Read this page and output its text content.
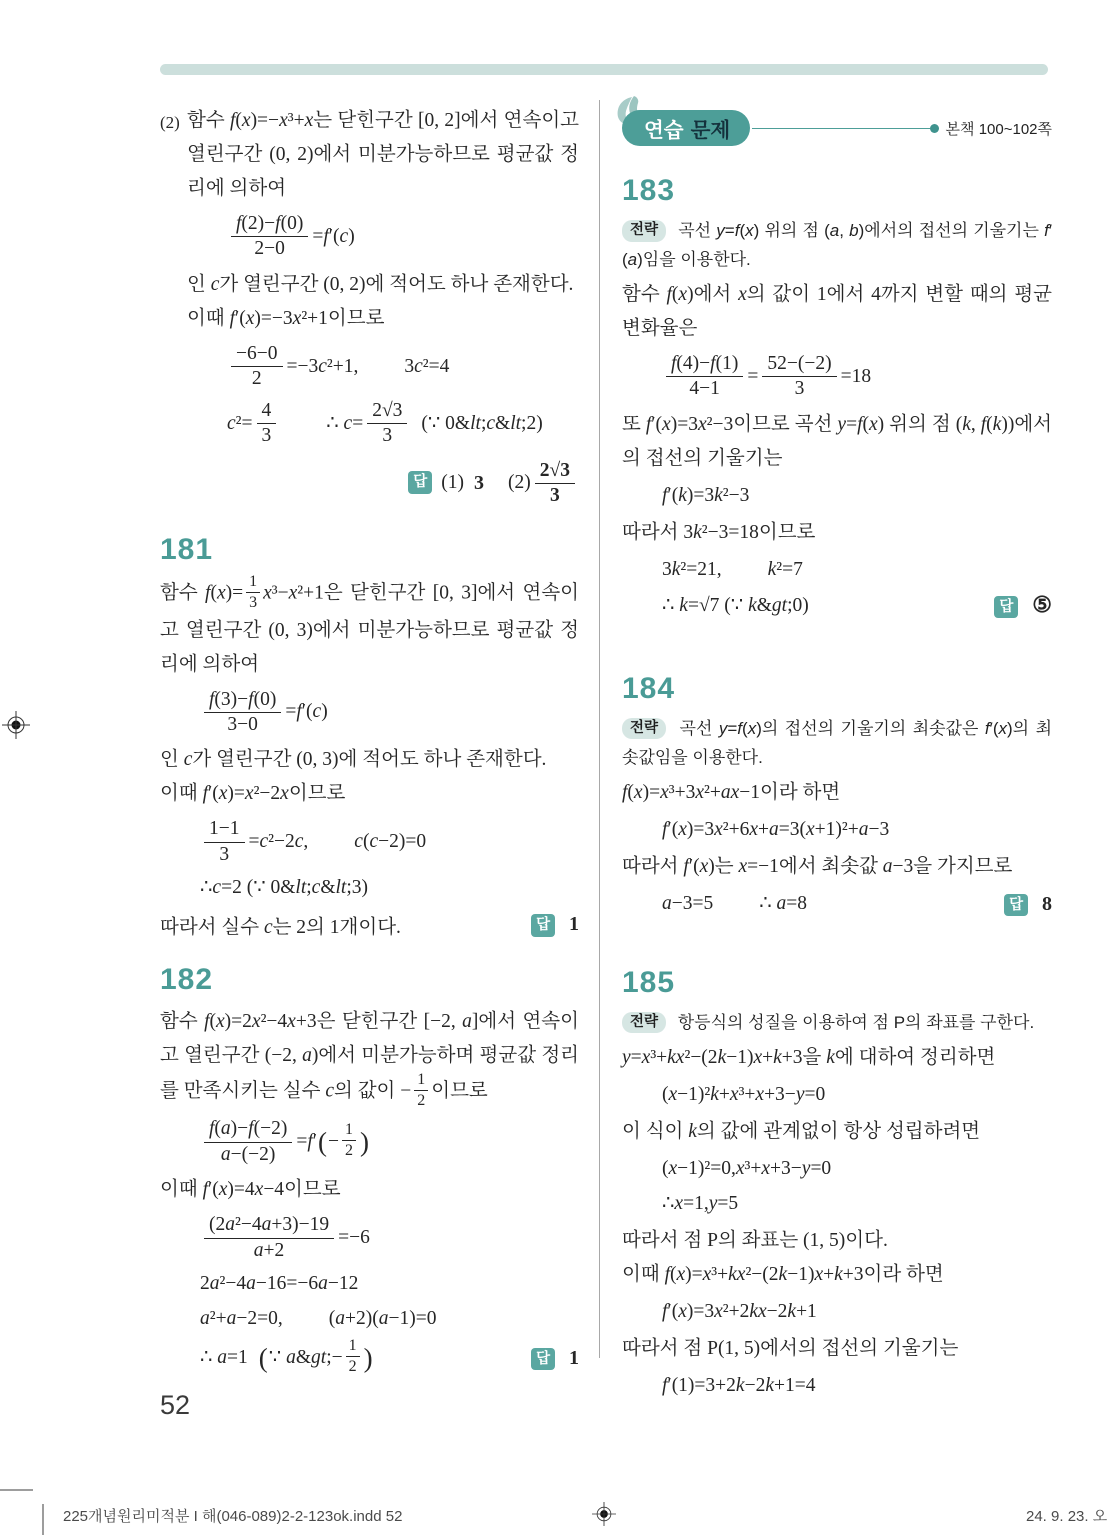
(2) 함수 f(x)=−x³+x는 닫힌구간 [0, 2]에서 연속이고 열린구간 (0, 2)에서 미분가능하므로 평균값 정리에 의하여

$\frac{f(2)-f(0)}{2-0} =f'(c)$

인 c가 열린구간 (0, 2)에 적어도 하나 존재한다.

이때 f′(x)=−3x²+1이므로

$\frac{-6-0}{2} =-3c^2+1$, 3c²=4
$c^2= \frac{4}{3}$	∴ $c= \frac{2√3}{3}$ (∵ 0&lt;c&lt;2)
답 (1) 3 $(2) \frac{2√3}{3}$
181

함수 $f(x)= \frac{1}{3} x^3-x^2+1$은 닫힌구간 [0, 3]에서 연속이고 열린구간 (0, 3)에서 미분가능하므로 평균값 정리에 의하여

$\frac{f(3)-f(0)}{3-0} =f'(c)$

인 c가 열린구간 (0, 3)에 적어도 하나 존재한다.

이때 f′(x)=x²−2x이므로

$\frac{1-1}{3} =c^2-2c$, c(c−2)=0
∴ c =2 (∵ 0& lt ; c & lt ;3)
따라서 실수 c는 2의 1개이다.	답 1
182

함수 f(x)=2x²−4x+3은 닫힌구간 [−2, a]에서 연속이고 열린구간 (−2, a)에서 미분가능하며 평균값 정리를 만족시키는 실수 c의 값이 − $\frac{1}{2}$ 이므로

$\frac{f(a)-f(-2)}{a-(-2)} =f'$ ( − $\frac{1}{2}$ )

이때 f′(x)=4x−4이므로

$\frac{\text{(2a²−4a+3)−19}}{a+2} =-6$
2 a ²−4 a −16=−6 a −12
a²+a−2=0, (a+2)(a−1)=0
∴ a=1 ( ∵ a&gt;− $\frac{1}{2}$ )	답 1
연습 문제	본책 100~102쪽
183

전략 곡선 y=f(x) 위의 점 (a, b)에서의 접선의 기울기는 f′(a)임을 이용한다.

함수 f(x)에서 x의 값이 1에서 4까지 변할 때의 평균변화율은

$\frac{f(4)-f(1)}{4-1} = \frac{52-(-2)}{3} =18$

또 f′(x)=3x²−3이므로 곡선 y=f(x) 위의 점 (k, f(k))에서의 접선의 기울기는

f ′( k )=3 k ²−3

따라서 3k²−3=18이므로

3k²=21, k²=7
∴ k=√7 (∵ k&gt;0)	답 ⑤
184

전략 곡선 y=f(x)의 접선의 기울기의 최솟값은 f′(x)의 최솟값임을 이용한다.

f(x)=x³+3x²+ax−1이라 하면

f ′( x )=3 x ²+6 x + a =3( x +1)²+ a −3

따라서 f′(x)는 x=−1에서 최솟값 a−3을 가지므로

a−3=5 ∴ a=8	답 8
185

전략 항등식의 성질을 이용하여 점 P의 좌표를 구한다.

y=x³+kx²−(2k−1)x+k+3을 k에 대하여 정리하면

( x −1)² k + x ³+ x +3− y =0

이 식이 k의 값에 관계없이 항상 성립하려면

( x −1)²=0, x ³+ x +3− y =0
∴ x =1, y =5

따라서 점 P의 좌표는 (1, 5)이다.

이때 f(x)=x³+kx²−(2k−1)x+k+3이라 하면

f ′( x )=3 x ²+2 kx −2 k +1

따라서 점 P(1, 5)에서의 접선의 기울기는

f ′(1)=3+2 k −2 k +1=4
52
225개념원리미적분 I 해(046-089)2-2-123ok.indd 52	24. 9. 23. 오
